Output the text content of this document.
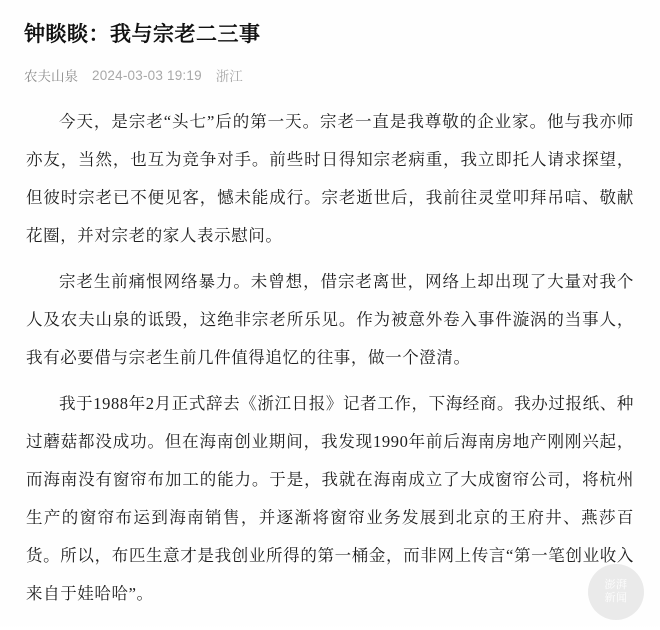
钟睒睒：我与宗老二三事
农夫山泉 2024-03-03 19:19 浙江

今天，是宗老“头七”后的第一天。宗老一直是我尊敬的企业家。他与我亦师亦友，当然，也互为竞争对手。前些时日得知宗老病重，我立即托人请求探望，但彼时宗老已不便见客，憾未能成行。宗老逝世后，我前往灵堂叩拜吊唁、敬献花圈，并对宗老的家人表示慰问。

宗老生前痛恨网络暴力。未曾想，借宗老离世，网络上却出现了大量对我个人及农夫山泉的诋毁，这绝非宗老所乐见。作为被意外卷入事件漩涡的当事人，我有必要借与宗老生前几件值得追忆的往事，做一个澄清。

我于1988年2月正式辞去《浙江日报》记者工作，下海经商。我办过报纸、种过蘑菇都没成功。但在海南创业期间，我发现1990年前后海南房地产刚刚兴起，而海南没有窗帘布加工的能力。于是，我就在海南成立了大成窗帘公司，将杭州生产的窗帘布运到海南销售，并逐渐将窗帘业务发展到北京的王府井、燕莎百货。所以，布匹生意才是我创业所得的第一桶金，而非网上传言“第一笔创业收入来自于娃哈哈”。	澎湃
新闻
